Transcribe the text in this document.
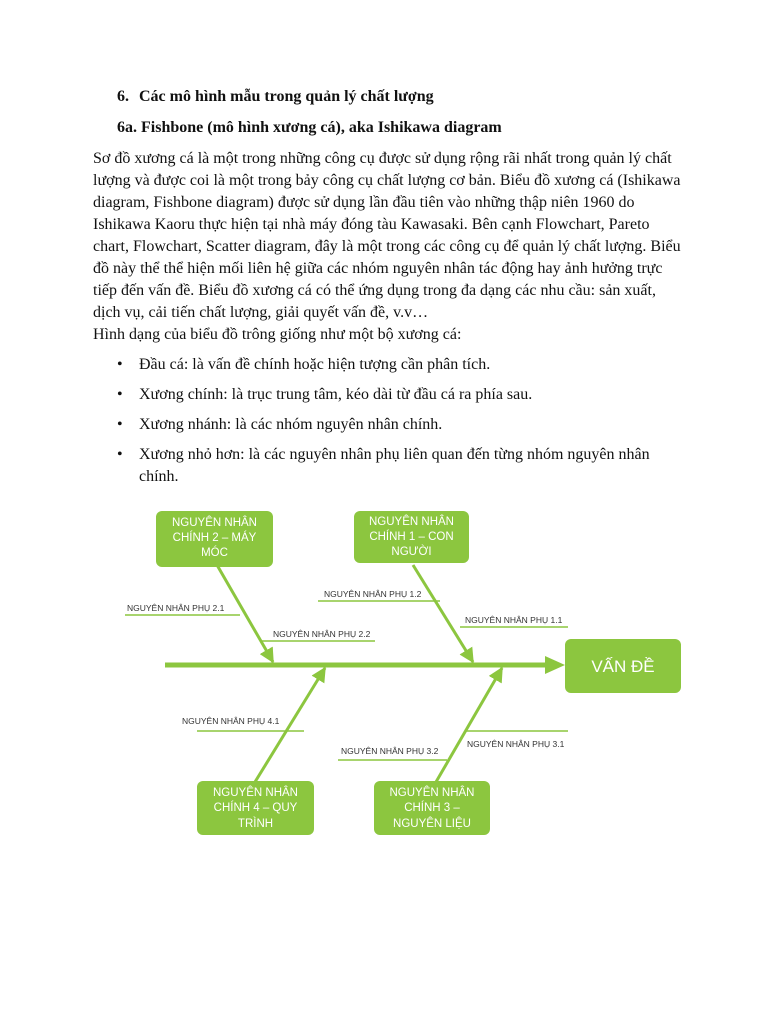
6. Các mô hình mẫu trong quản lý chất lượng
6a. Fishbone (mô hình xương cá), aka Ishikawa diagram

Sơ đồ xương cá là một trong những công cụ được sử dụng rộng rãi nhất trong quản lý chất lượng và được coi là một trong bảy công cụ chất lượng cơ bản. Biểu đồ xương cá (Ishikawa diagram, Fishbone diagram) được sử dụng lần đầu tiên vào những thập niên 1960 do Ishikawa Kaoru thực hiện tại nhà máy đóng tàu Kawasaki. Bên cạnh Flowchart, Pareto chart, Flowchart, Scatter diagram, đây là một trong các công cụ để quản lý chất lượng. Biểu đồ này thể thể hiện mối liên hệ giữa các nhóm nguyên nhân tác động hay ảnh hưởng trực tiếp đến vấn đề. Biểu đồ xương cá có thể ứng dụng trong đa dạng các nhu cầu: sản xuất, dịch vụ, cải tiến chất lượng, giải quyết vấn đề, v.v…

Hình dạng của biểu đồ trông giống như một bộ xương cá:

• Đầu cá: là vấn đề chính hoặc hiện tượng cần phân tích.
• Xương chính: là trục trung tâm, kéo dài từ đầu cá ra phía sau.
• Xương nhánh: là các nhóm nguyên nhân chính.
• Xương nhỏ hơn: là các nguyên nhân phụ liên quan đến từng nhóm nguyên nhân chính.
NGUYÊN NHÂN PHỤ 2.1
NGUYÊN NHÂN PHỤ 2.2
NGUYÊN NHÂN PHỤ 1.2
NGUYÊN NHÂN PHỤ 1.1
NGUYÊN NHÂN PHỤ 4.1
NGUYÊN NHÂN PHỤ 3.2
NGUYÊN NHÂN PHỤ 3.1
NGUYÊN NHÂN
CHÍNH 2 – MÁY
MÓC
NGUYÊN NHÂN
CHÍNH 1 – CON
NGƯỜI
VẤN ĐỀ
NGUYÊN NHÂN
CHÍNH 4 – QUY
TRÌNH
NGUYÊN NHÂN
CHÍNH 3 –
NGUYÊN LIỆU
